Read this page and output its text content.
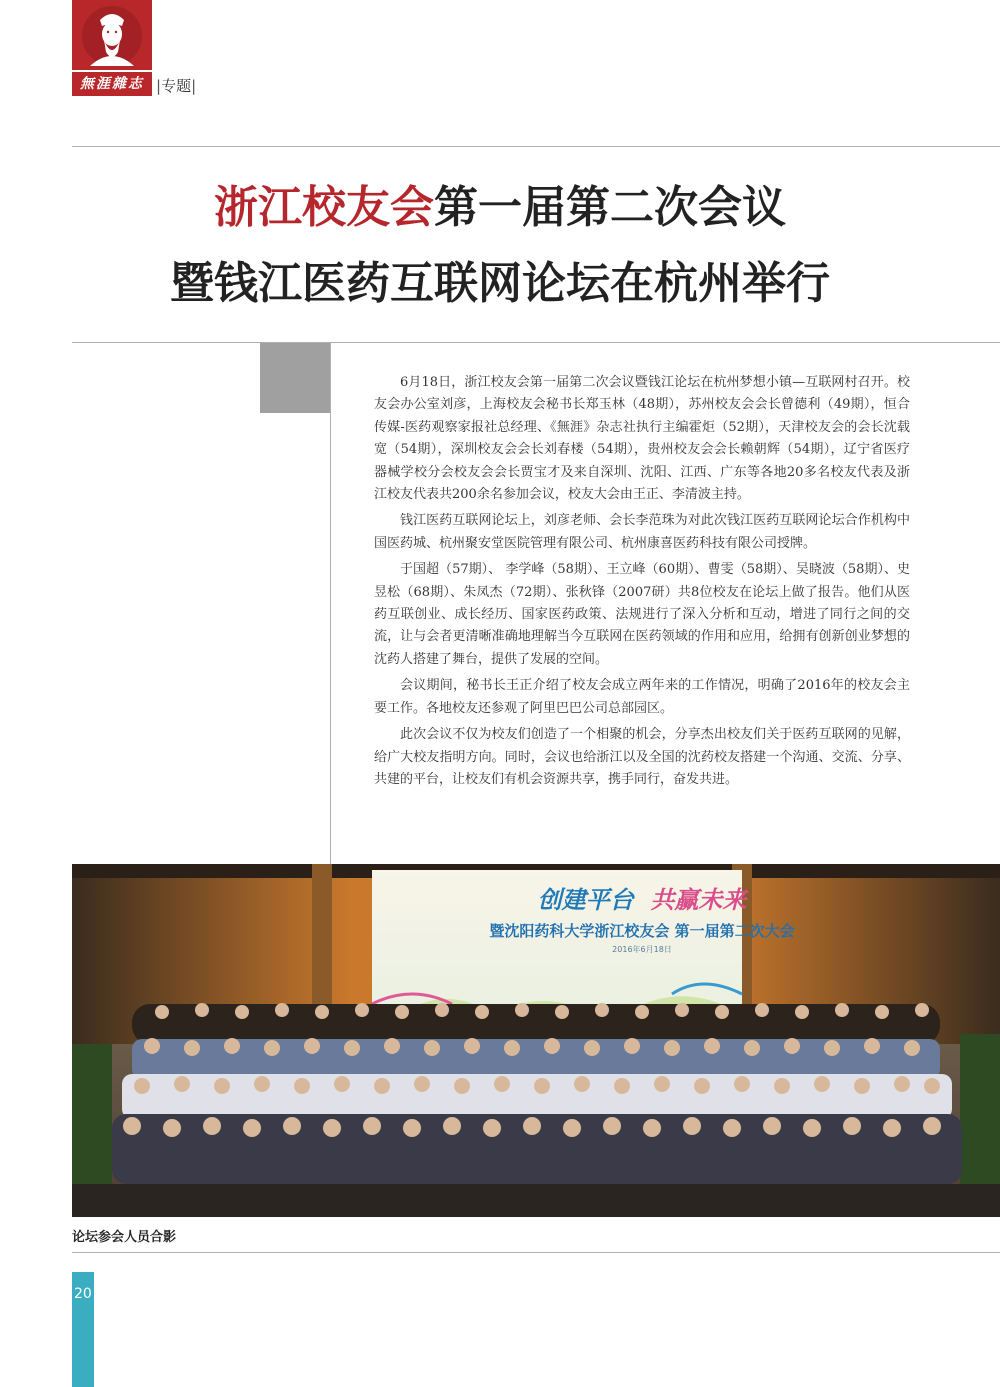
無涯雜志 |专题|
浙江校友会第一届第二次会议
暨钱江医药互联网论坛在杭州举行

6月18日，浙江校友会第一届第二次会议暨钱江论坛在杭州梦想小镇—互联网村召开。校友会办公室刘彦，上海校友会秘书长郑玉林（48期），苏州校友会会长曾德利（49期），恒合传媒-医药观察家报社总经理、《無涯》杂志社执行主编霍炬（52期），天津校友会的会长沈载宽（54期），深圳校友会会长刘春楼（54期），贵州校友会会长赖朝辉（54期），辽宁省医疗器械学校分会校友会会长贾宝才及来自深圳、沈阳、江西、广东等各地20多名校友代表及浙江校友代表共200余名参加会议，校友大会由王正、李清波主持。

钱江医药互联网论坛上，刘彦老师、会长李范珠为对此次钱江医药互联网论坛合作机构中国医药城、杭州聚安堂医院管理有限公司、杭州康喜医药科技有限公司授牌。

于国超（57期）、 李学峰（58期）、王立峰（60期）、曹雯（58期）、吴晓波（58期）、史昱松（68期）、朱凤杰（72期）、张秋锋（2007研）共8位校友在论坛上做了报告。他们从医药互联创业、成长经历、国家医药政策、法规进行了深入分析和互动，增进了同行之间的交流，让与会者更清晰准确地理解当今互联网在医药领域的作用和应用，给拥有创新创业梦想的沈药人搭建了舞台，提供了发展的空间。

会议期间，秘书长王正介绍了校友会成立两年来的工作情况，明确了2016年的校友会主要工作。各地校友还参观了阿里巴巴公司总部园区。

此次会议不仅为校友们创造了一个相聚的机会，分享杰出校友们关于医药互联网的见解，给广大校友指明方向。同时，会议也给浙江以及全国的沈药校友搭建一个沟通、交流、分享、共建的平台，让校友们有机会资源共享，携手同行，奋发共进。

创建平台 共赢未来
暨沈阳药科大学浙江校友会 第一届第二次大会
2016年6月18日
论坛参会人员合影
20
